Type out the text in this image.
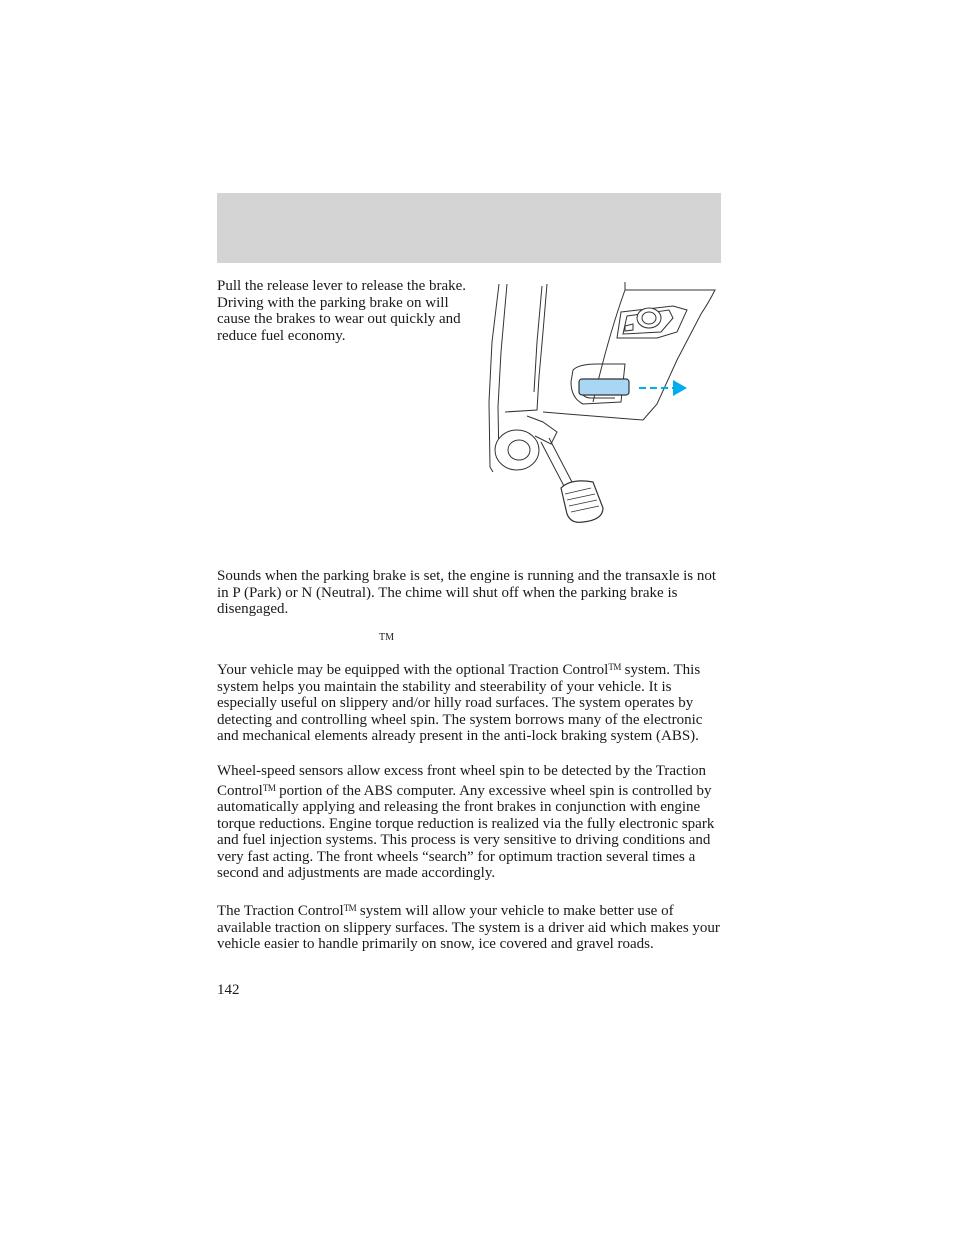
Pull the release lever to release the brake. Driving with the parking brake on will cause the brakes to wear out quickly and reduce fuel economy.

Sounds when the parking brake is set, the engine is running and the transaxle is not in P (Park) or N (Neutral). The chime will shut off when the parking brake is disengaged.

TM

Your vehicle may be equipped with the optional Traction Control™ system. This system helps you maintain the stability and steerability of your vehicle. It is especially useful on slippery and/or hilly road surfaces. The system operates by detecting and controlling wheel spin. The system borrows many of the electronic and mechanical elements already present in the anti-lock braking system (ABS).

Wheel-speed sensors allow excess front wheel spin to be detected by the Traction Control™ portion of the ABS computer. Any excessive wheel spin is controlled by automatically applying and releasing the front brakes in conjunction with engine torque reductions. Engine torque reduction is realized via the fully electronic spark and fuel injection systems. This process is very sensitive to driving conditions and very fast acting. The front wheels “search” for optimum traction several times a second and adjustments are made accordingly.

The Traction Control™ system will allow your vehicle to make better use of available traction on slippery surfaces. The system is a driver aid which makes your vehicle easier to handle primarily on snow, ice covered and gravel roads.

142
